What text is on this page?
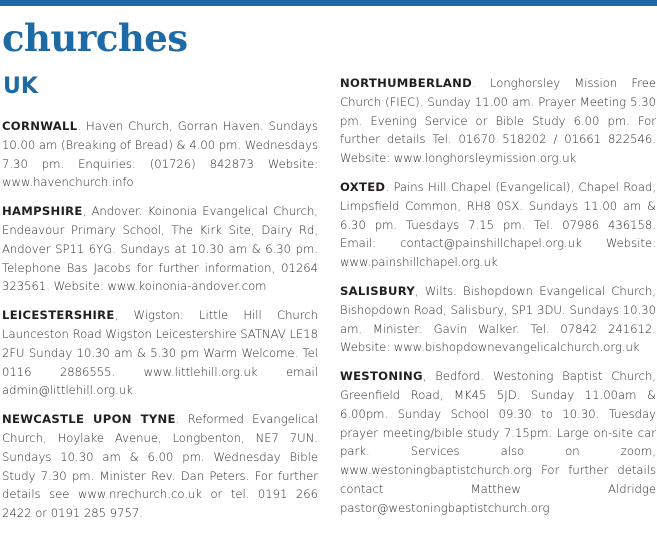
churches
UK

CORNWALL. Haven Church, Gorran Haven. Sundays 10.00 am (Breaking of Bread) & 4.00 pm. Wednesdays 7.30 pm. Enquiries: (01726) 842873 Website: www.havenchurch.info

HAMPSHIRE, Andover. Koinonia Evangelical Church, Endeavour Primary School, The Kirk Site, Dairy Rd, Andover SP11 6YG. Sundays at 10.30 am & 6.30 pm. Telephone Bas Jacobs for further information, 01264 323561. Website: www.koinonia-andover.com

LEICESTERSHIRE, Wigston: Little Hill Church Launceston Road Wigston Leicestershire SATNAV LE18 2FU Sunday 10.30 am & 5.30 pm Warm Welcome. Tel 0116 2886555. www.littlehill.org.uk email admin@littlehill.org.uk

NEWCASTLE UPON TYNE. Reformed Evangelical Church, Hoylake Avenue, Longbenton, NE7 7UN. Sundays 10.30 am & 6.00 pm. Wednesday Bible Study 7.30 pm. Minister Rev. Dan Peters. For further details see www.nrechurch.co.uk or tel. 0191 266 2422 or 0191 285 9757.

NORTHUMBERLAND. Longhorsley Mission Free Church (FIEC). Sunday 11.00 am. Prayer Meeting 5.30 pm. Evening Service or Bible Study 6.00 pm. For further details Tel. 01670 518202 / 01661 822546. Website: www.longhorsleymission.org.uk

OXTED. Pains Hill Chapel (Evangelical), Chapel Road, Limpsfield Common, RH8 0SX. Sundays 11.00 am & 6.30 pm. Tuesdays 7.15 pm. Tel. 07986 436158. Email: contact@painshillchapel.org.uk Website: www.painshillchapel.org.uk

SALISBURY, Wilts. Bishopdown Evangelical Church, Bishopdown Road, Salisbury, SP1 3DU. Sundays 10.30 am. Minister: Gavin Walker. Tel. 07842 241612. Website: www.bishopdownevangelicalchurch.org.uk

WESTONING, Bedford. Westoning Baptist Church, Greenfield Road, MK45 5JD. Sunday 11.00am & 6.00pm. Sunday School 09.30 to 10.30. Tuesday prayer meeting/bible study 7.15pm. Large on-site car park. Services also on zoom, www.westoningbaptistchurch.org For further details contact Matthew Aldridge pastor@westoningbaptistchurch.org
